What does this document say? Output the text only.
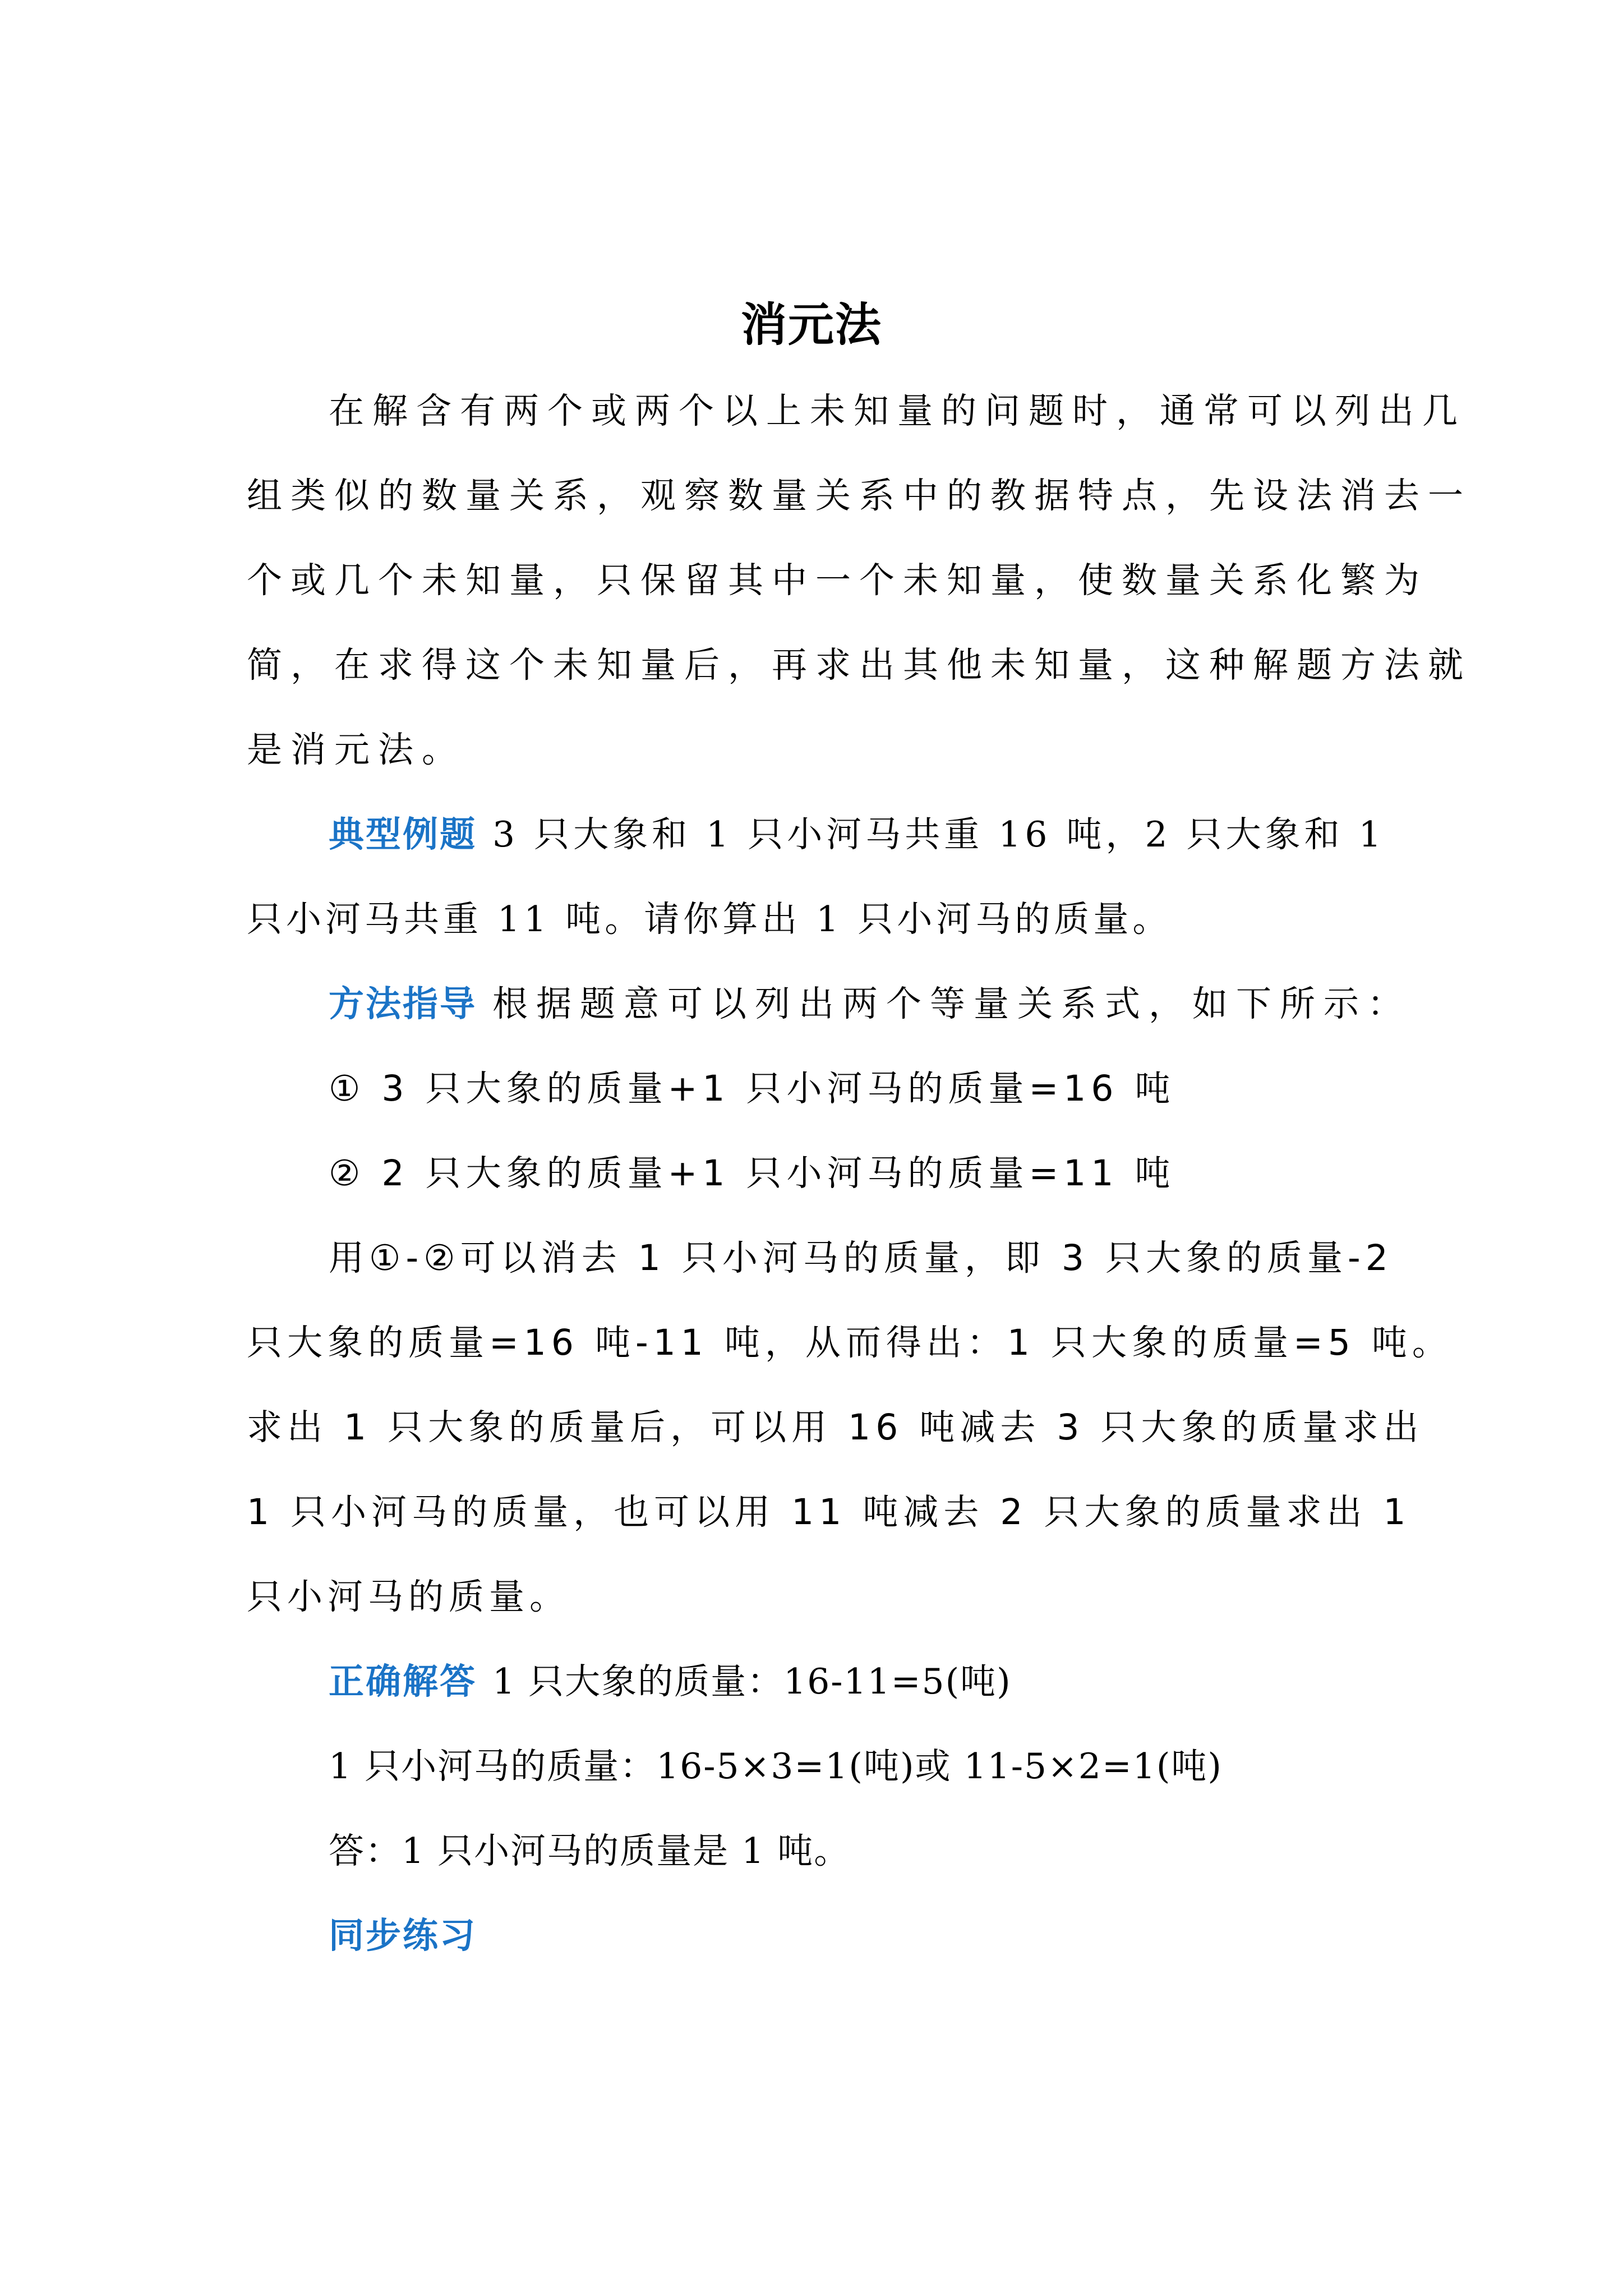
消元法
在解含有两个或两个以上未知量的问题时，通常可以列出几
组类似的数量关系，观察数量关系中的教据特点，先设法消去一
个或几个未知量，只保留其中一个未知量，使数量关系化繁为
简，在求得这个未知量后，再求出其他未知量，这种解题方法就
是消元法。
典型例题 3 只大象和 1 只小河马共重 16 吨，2 只大象和 1
只小河马共重 11 吨。请你算出 1 只小河马的质量。
方法指导 根据题意可以列出两个等量关系式，如下所示：
① 3 只大象的质量+1 只小河马的质量=16 吨
② 2 只大象的质量+1 只小河马的质量=11 吨
用①-②可以消去 1 只小河马的质量，即 3 只大象的质量-2
只大象的质量=16 吨-11 吨，从而得出：1 只大象的质量=5 吨。
求出 1 只大象的质量后，可以用 16 吨减去 3 只大象的质量求出
1 只小河马的质量，也可以用 11 吨减去 2 只大象的质量求出 1
只小河马的质量。
正确解答 1 只大象的质量：16-11=5(吨)
1 只小河马的质量：16-5×3=1(吨)或 11-5×2=1(吨)
答：1 只小河马的质量是 1 吨。
同步练习
